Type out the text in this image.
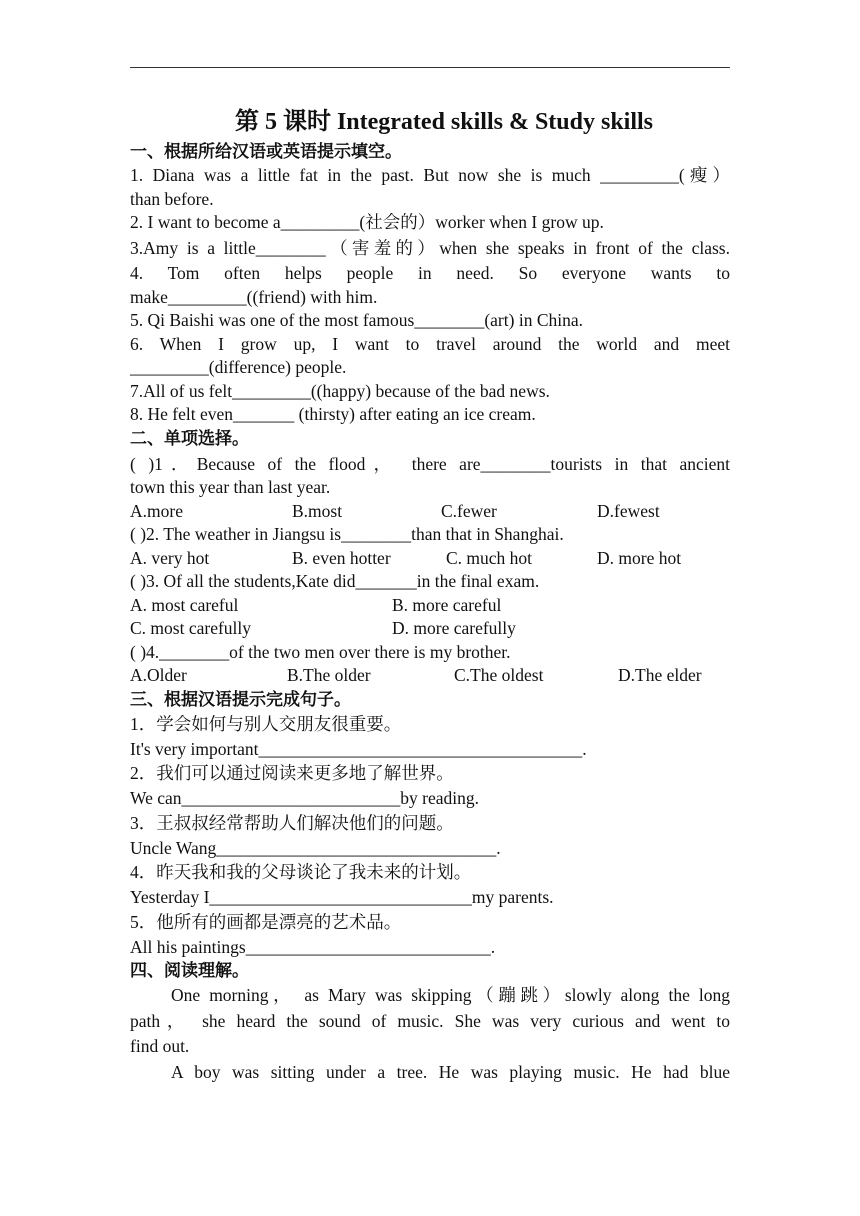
第 5 课时 Integrated skills & Study skills
一、根据所给汉语或英语提示填空。

1. Diana was a little fat in the past. But now she is much _________(瘦）

than before.

2. I want to become a_________(社会的）worker when I grow up.

3.Amy is a little________（害羞的）when she speaks in front of the class.

4. Tom often helps people in need. So everyone wants to

make_________((friend) with him.

5. Qi Baishi was one of the most famous________(art) in China.

6. When I grow up, I want to travel around the world and meet

_________(difference) people.

7.All of us felt_________((happy) because of the bad news.

8. He felt even_______ (thirsty) after eating an ice cream.

二、单项选择。

( )1．Because of the flood， there are________tourists in that ancient

town this year than last year.

A.more	B.most	C.fewer	D.fewest

( )2. The weather in Jiangsu is________than that in Shanghai.

A. very hot	B. even hotter	C. much hot	D. more hot

( )3. Of all the students,Kate did_______in the final exam.

A. most careful	B. more careful
C. most carefully	D. more carefully

( )4.________of the two men over there is my brother.

A.Older	B.The older	C.The oldest	D.The elder
三、根据汉语提示完成句子。

1．学会如何与别人交朋友很重要。

It's very important_____________________________________.

2．我们可以通过阅读来更多地了解世界。

We can_________________________by reading.

3．王叔叔经常帮助人们解决他们的问题。

Uncle Wang________________________________.

4．昨天我和我的父母谈论了我未来的计划。

Yesterday I______________________________my parents.

5．他所有的画都是漂亮的艺术品。

All his paintings____________________________.

四、阅读理解。

One morning， as Mary was skipping（蹦跳）slowly along the long

path， she heard the sound of music. She was very curious and went to

find out.

A boy was sitting under a tree. He was playing music. He had blue
